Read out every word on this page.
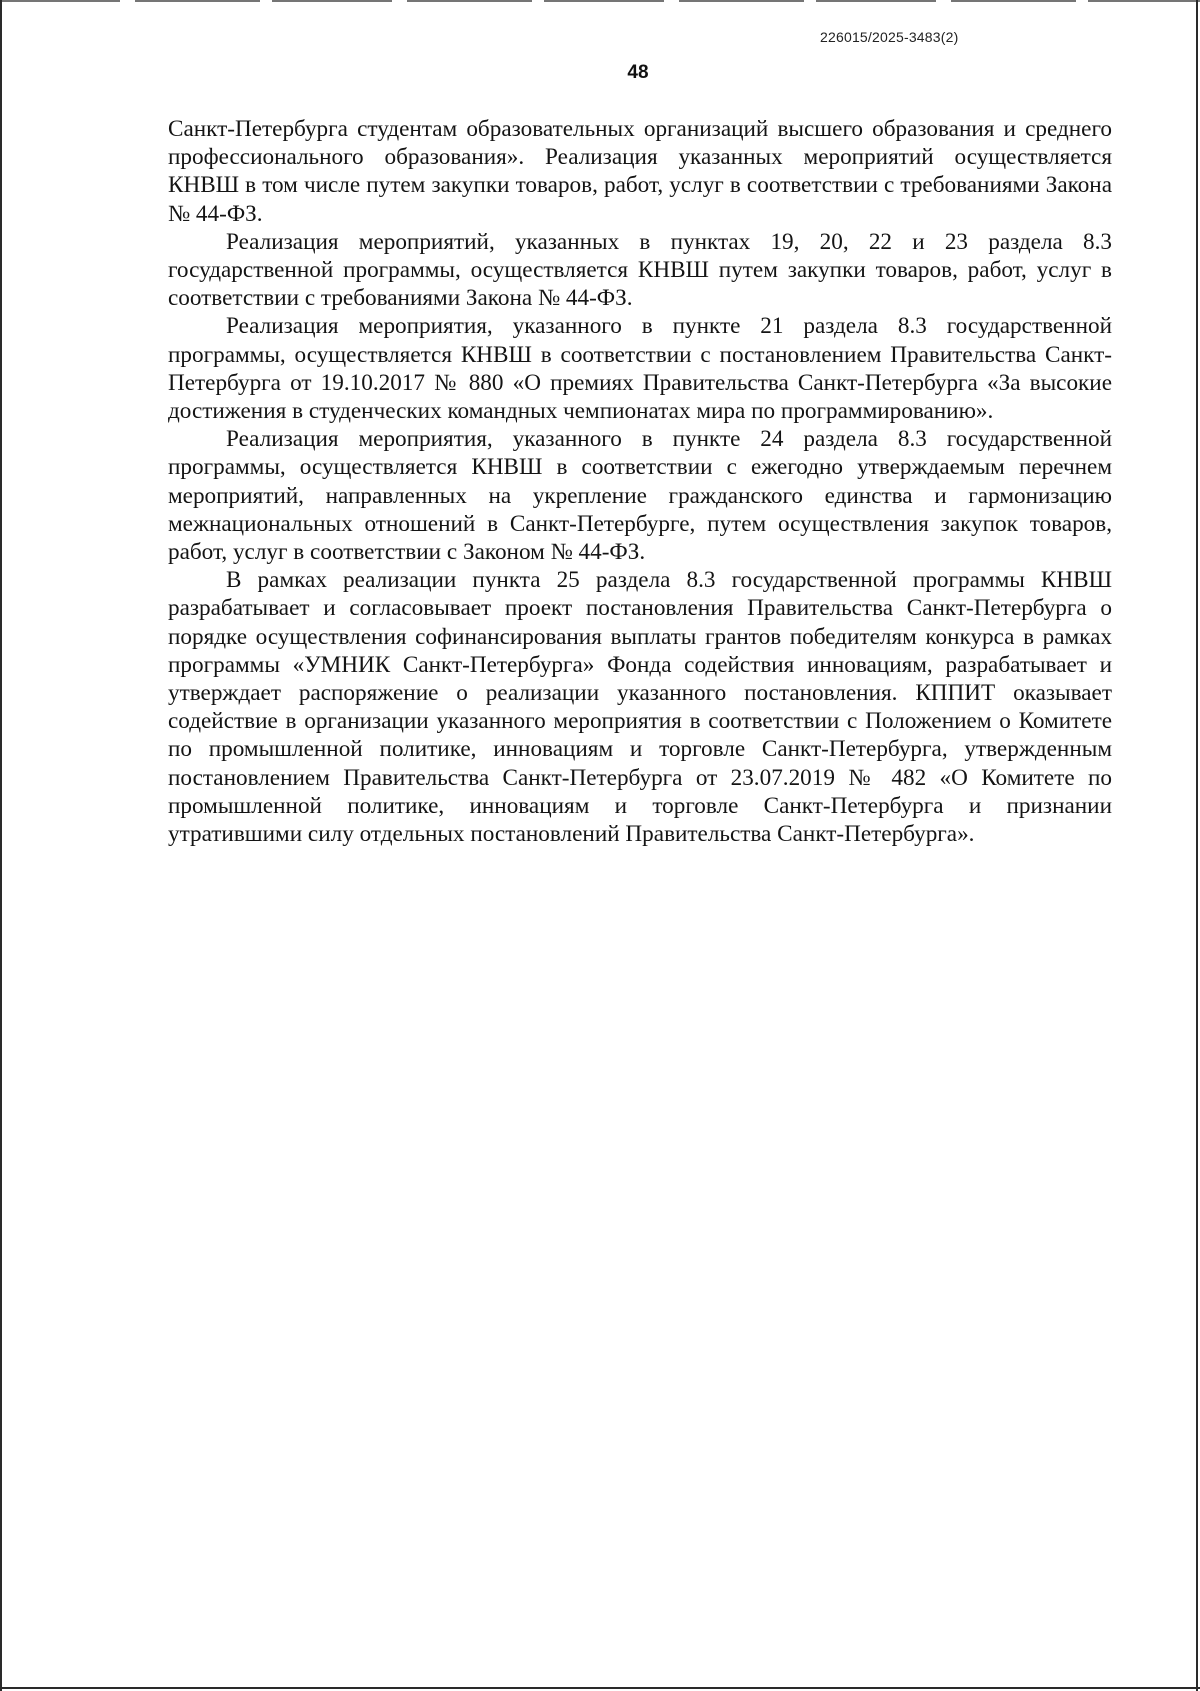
226015/2025-3483(2)
48

Санкт-Петербурга студентам образовательных организаций высшего образования и среднего профессионального образования». Реализация указанных мероприятий осуществляется КНВШ в том числе путем закупки товаров, работ, услуг в соответствии с требованиями Закона № 44-ФЗ.

Реализация мероприятий, указанных в пунктах 19, 20, 22 и 23 раздела 8.3 государственной программы, осуществляется КНВШ путем закупки товаров, работ, услуг в соответствии с требованиями Закона № 44-ФЗ.

Реализация мероприятия, указанного в пункте 21 раздела 8.3 государственной программы, осуществляется КНВШ в соответствии с постановлением Правительства Санкт-Петербурга от 19.10.2017 № 880 «О премиях Правительства Санкт-Петербурга «За высокие достижения в студенческих командных чемпионатах мира по программированию».

Реализация мероприятия, указанного в пункте 24 раздела 8.3 государственной программы, осуществляется КНВШ в соответствии с ежегодно утверждаемым перечнем мероприятий, направленных на укрепление гражданского единства и гармонизацию межнациональных отношений в Санкт-Петербурге, путем осуществления закупок товаров, работ, услуг в соответствии с Законом № 44-ФЗ.

В рамках реализации пункта 25 раздела 8.3 государственной программы КНВШ разрабатывает и согласовывает проект постановления Правительства Санкт-Петербурга о порядке осуществления софинансирования выплаты грантов победителям конкурса в рамках программы «УМНИК Санкт-Петербурга» Фонда содействия инновациям, разрабатывает и утверждает распоряжение о реализации указанного постановления. КППИТ оказывает содействие в организации указанного мероприятия в соответствии с Положением о Комитете по промышленной политике, инновациям и торговле Санкт-Петербурга, утвержденным постановлением Правительства Санкт-Петербурга от 23.07.2019 № 482 «О Комитете по промышленной политике, инновациям и торговле Санкт-Петербурга и признании утратившими силу отдельных постановлений Правительства Санкт-Петербурга».
